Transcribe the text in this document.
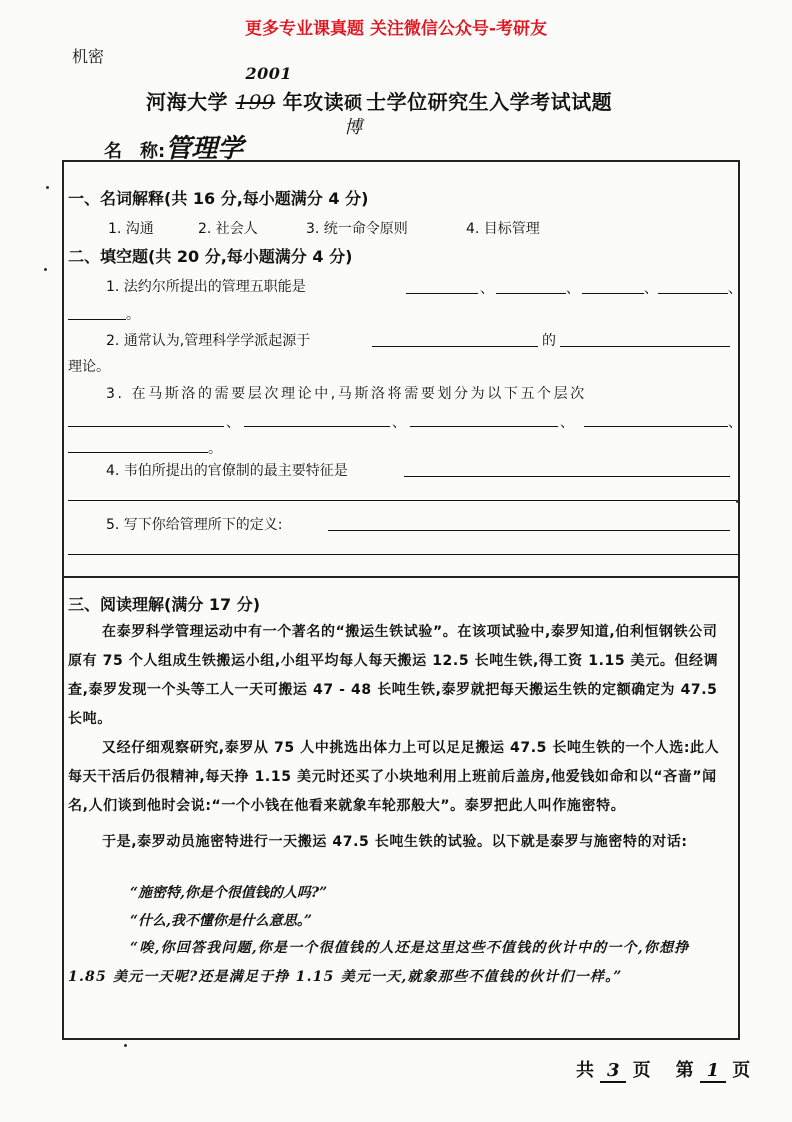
更多专业课真题 关注微信公众号-考研友
机密
河海大学
2001
199 年攻读 硕
博
士学位研究生入学考试试题
名　称:管理学
一、名词解释(共 16 分,每小题满分 4 分)
1. 沟通	2. 社会人	3. 统一命令原则	4. 目标管理
二、填空题(共 20 分,每小题满分 4 分)
1. 法约尔所提出的管理五职能是	、	、	、	、
。
2. 通常认为,管理科学学派起源于	的
理论。
3. 在马斯洛的需要层次理论中,马斯洛将需要划分为以下五个层次
、	、	、	、
。
4. 韦伯所提出的官僚制的最主要特征是
5. 写下你给管理所下的定义:
三、阅读理解(满分 17 分)
在泰罗科学管理运动中有一个著名的“搬运生铁试验”。在该项试验中,泰罗知道,伯利恒钢铁公司原有 75 个人组成生铁搬运小组,小组平均每人每天搬运 12.5 长吨生铁,得工资 1.15 美元。但经调查,泰罗发现一个头等工人一天可搬运 47 - 48 长吨生铁,泰罗就把每天搬运生铁的定额确定为 47.5 长吨。
又经仔细观察研究,泰罗从 75 人中挑选出体力上可以足足搬运 47.5 长吨生铁的一个人选:此人每天干活后仍很精神,每天挣 1.15 美元时还买了小块地利用上班前后盖房,他爱钱如命和以“吝啬”闻名,人们谈到他时会说:“一个小钱在他看来就象车轮那般大”。泰罗把此人叫作施密特。
于是,泰罗动员施密特进行一天搬运 47.5 长吨生铁的试验。以下就是泰罗与施密特的对话:
“施密特,你是个很值钱的人吗?”
“什么,我不懂你是什么意思。”
“唉,你回答我问题,你是一个很值钱的人还是这里这些不值钱的伙计中的一个,你想挣 1.85 美元一天呢?还是满足于挣 1.15 美元一天,就象那些不值钱的伙计们一样。”
共 3 页 第 1 页
